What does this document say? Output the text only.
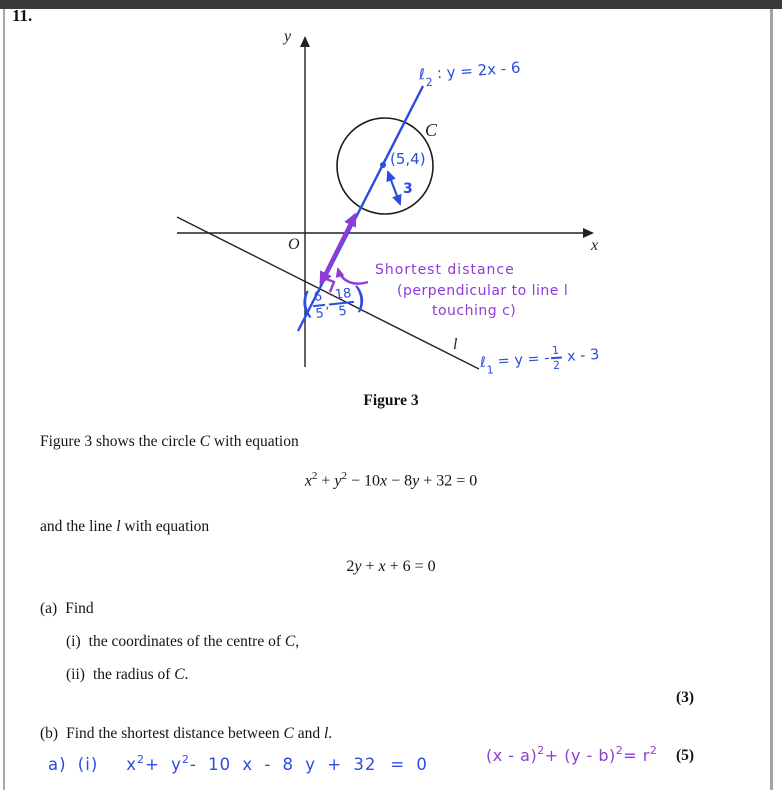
11.
y
x
O
l
C
ℓ$_2$ : y = 2x - 6
(5,4)
3
Shortest distance
(perpendicular to line l
touching c)
(
$\frac{6}{5}$
,
$\frac{-18}{5}$
)
ℓ$_1$ = y = - $\frac{1}{2}$ x - 3
Figure 3
Figure 3 shows the circle C with equation
$x^2 + y^2 - 10x - 8y + 32 = 0$
and the line l with equation
2y + x + 6 = 0
(a) Find
(i) the coordinates of the centre of C,
(ii) the radius of C.
(3)
(b) Find the shortest distance between C and l.
(5)
a) (i) $x^2+ y^2-$ 10 x - 8 y + 32 = 0	$(x - a)^2+ (y - b)^2= r^2$
